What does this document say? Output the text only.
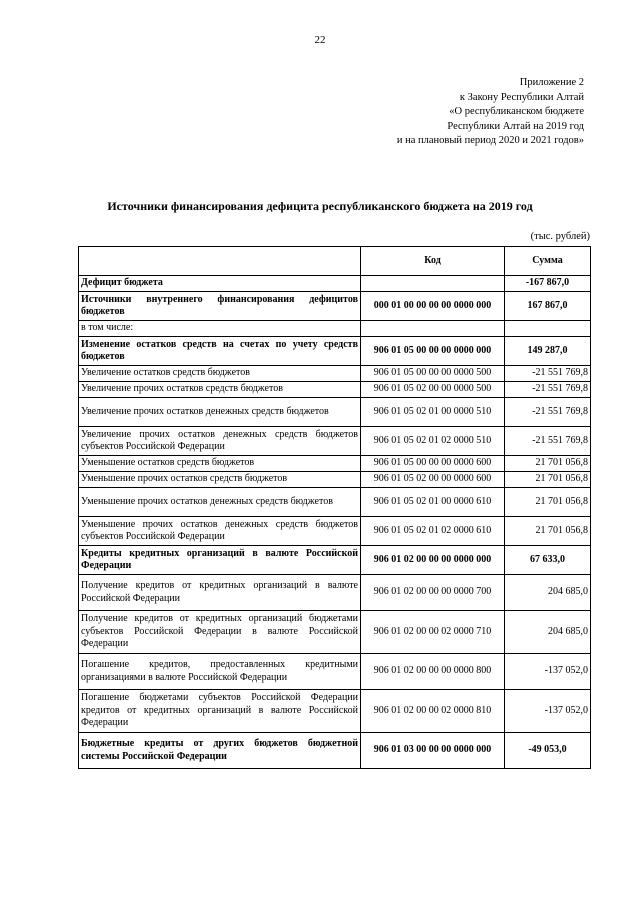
22
Приложение 2
к Закону Республики Алтай
«О республиканском бюджете
Республики Алтай на 2019 год
и на плановый период 2020 и 2021 годов»
Источники финансирования дефицита республиканского бюджета на 2019 год
(тыс. рублей)
	Код	Сумма
Дефицит бюджета		-167 867,0
Источники внутреннего финансирования дефицитов бюджетов	000 01 00 00 00 00 0000 000	167 867,0
в том числе:		
Изменение остатков средств на счетах по учету средств бюджетов	906 01 05 00 00 00 0000 000	149 287,0
Увеличение остатков средств бюджетов	906 01 05 00 00 00 0000 500	-21 551 769,8
Увеличение прочих остатков средств бюджетов	906 01 05 02 00 00 0000 500	-21 551 769,8
Увеличение прочих остатков денежных средств бюджетов	906 01 05 02 01 00 0000 510	-21 551 769,8
Увеличение прочих остатков денежных средств бюджетов субъектов Российской Федерации	906 01 05 02 01 02 0000 510	-21 551 769,8
Уменьшение остатков средств бюджетов	906 01 05 00 00 00 0000 600	21 701 056,8
Уменьшение прочих остатков средств бюджетов	906 01 05 02 00 00 0000 600	21 701 056,8
Уменьшение прочих остатков денежных средств бюджетов	906 01 05 02 01 00 0000 610	21 701 056,8
Уменьшение прочих остатков денежных средств бюджетов субъектов Российской Федерации	906 01 05 02 01 02 0000 610	21 701 056,8
Кредиты кредитных организаций в валюте Российской Федерации	906 01 02 00 00 00 0000 000	67 633,0
Получение кредитов от кредитных организаций в валюте Российской Федерации	906 01 02 00 00 00 0000 700	204 685,0
Получение кредитов от кредитных организаций бюджетами субъектов Российской Федерации в валюте Российской Федерации	906 01 02 00 00 02 0000 710	204 685,0
Погашение кредитов, предоставленных кредитными организациями в валюте Российской Федерации	906 01 02 00 00 00 0000 800	-137 052,0
Погашение бюджетами субъектов Российской Федерации кредитов от кредитных организаций в валюте Российской Федерации	906 01 02 00 00 02 0000 810	-137 052,0
Бюджетные кредиты от других бюджетов бюджетной системы Российской Федерации	906 01 03 00 00 00 0000 000	-49 053,0
